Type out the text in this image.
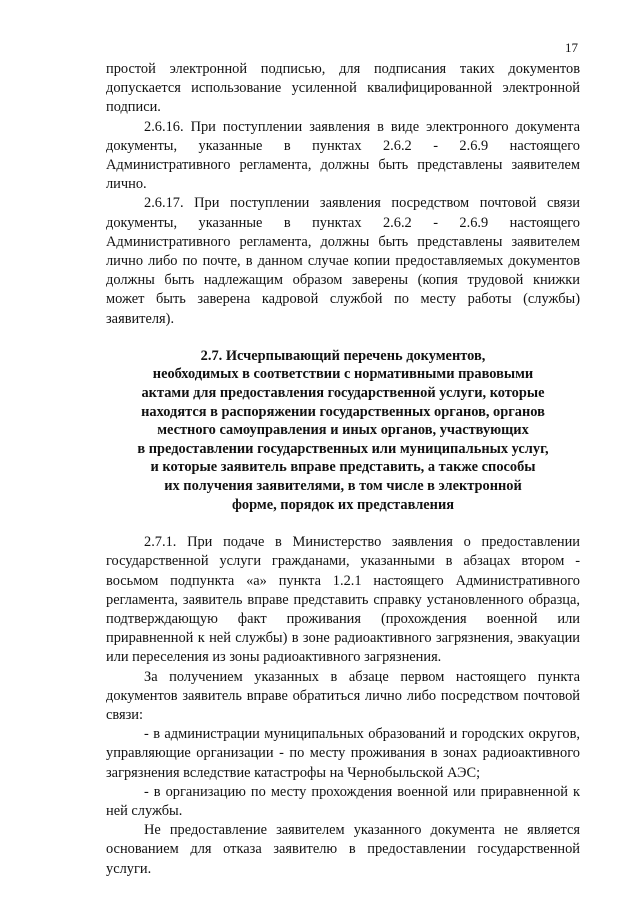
17

простой электронной подписью, для подписания таких документов допускается использование усиленной квалифицированной электронной подписи.

2.6.16. При поступлении заявления в виде электронного документа документы, указанные в пунктах 2.6.2 - 2.6.9 настоящего Административного регламента, должны быть представлены заявителем лично.

2.6.17. При поступлении заявления посредством почтовой связи документы, указанные в пунктах 2.6.2 - 2.6.9 настоящего Административного регламента, должны быть представлены заявителем лично либо по почте, в данном случае копии предоставляемых документов должны быть надлежащим образом заверены (копия трудовой книжки может быть заверена кадровой службой по месту работы (службы) заявителя).

2.7. Исчерпывающий перечень документов,
необходимых в соответствии с нормативными правовыми
актами для предоставления государственной услуги, которые
находятся в распоряжении государственных органов, органов
местного самоуправления и иных органов, участвующих
в предоставлении государственных или муниципальных услуг,
и которые заявитель вправе представить, а также способы
их получения заявителями, в том числе в электронной
форме, порядок их представления

2.7.1. При подаче в Министерство заявления о предоставлении государственной услуги гражданами, указанными в абзацах втором - восьмом подпункта «а» пункта 1.2.1 настоящего Административного регламента, заявитель вправе представить справку установленного образца, подтверждающую факт проживания (прохождения военной или приравненной к ней службы) в зоне радиоактивного загрязнения, эвакуации или переселения из зоны радиоактивного загрязнения.

За получением указанных в абзаце первом настоящего пункта документов заявитель вправе обратиться лично либо посредством почтовой связи:

- в администрации муниципальных образований и городских округов, управляющие организации - по месту проживания в зонах радиоактивного загрязнения вследствие катастрофы на Чернобыльской АЭС;

- в организацию по месту прохождения военной или приравненной к ней службы.

Не предоставление заявителем указанного документа не является основанием для отказа заявителю в предоставлении государственной услуги.
